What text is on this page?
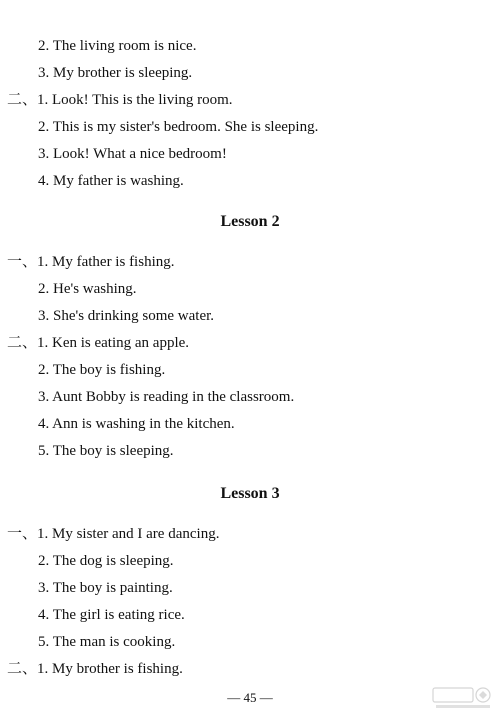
2. The living room is nice.
3. My brother is sleeping.
二、1. Look! This is the living room.
2. This is my sister's bedroom. She is sleeping.
3. Look! What a nice bedroom!
4. My father is washing.
Lesson 2
一、1. My father is fishing.
2. He's washing.
3. She's drinking some water.
二、1. Ken is eating an apple.
2. The boy is fishing.
3. Aunt Bobby is reading in the classroom.
4. Ann is washing in the kitchen.
5. The boy is sleeping.
Lesson 3
一、1. My sister and I are dancing.
2. The dog is sleeping.
3. The boy is painting.
4. The girl is eating rice.
5. The man is cooking.
二、1. My brother is fishing.
— 45 —
